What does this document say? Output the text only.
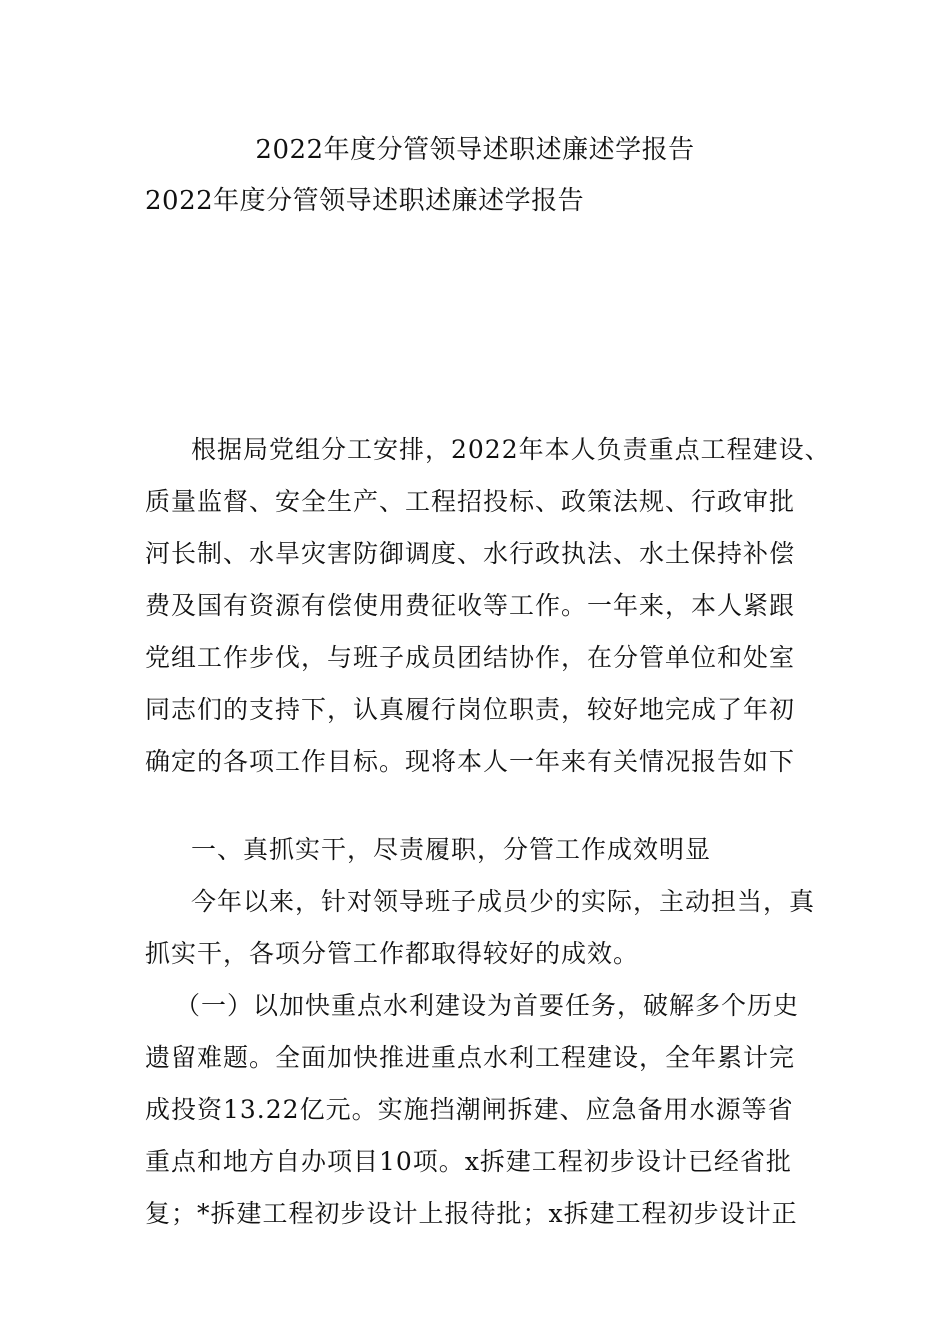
2022年度分管领导述职述廉述学报告
2022年度分管领导述职述廉述学报告
根据局党组分工安排，2022年本人负责重点工程建设、
质量监督、安全生产、工程招投标、政策法规、行政审批
河长制、水旱灾害防御调度、水行政执法、水土保持补偿
费及国有资源有偿使用费征收等工作。一年来，本人紧跟
党组工作步伐，与班子成员团结协作，在分管单位和处室
同志们的支持下，认真履行岗位职责，较好地完成了年初
确定的各项工作目标。现将本人一年来有关情况报告如下
一、真抓实干，尽责履职，分管工作成效明显
今年以来，针对领导班子成员少的实际，主动担当，真
抓实干，各项分管工作都取得较好的成效。
（一）以加快重点水利建设为首要任务，破解多个历史
遗留难题。全面加快推进重点水利工程建设，全年累计完
成投资13.22亿元。实施挡潮闸拆建、应急备用水源等省
重点和地方自办项目10项。x拆建工程初步设计已经省批
复；*拆建工程初步设计上报待批；x拆建工程初步设计正
